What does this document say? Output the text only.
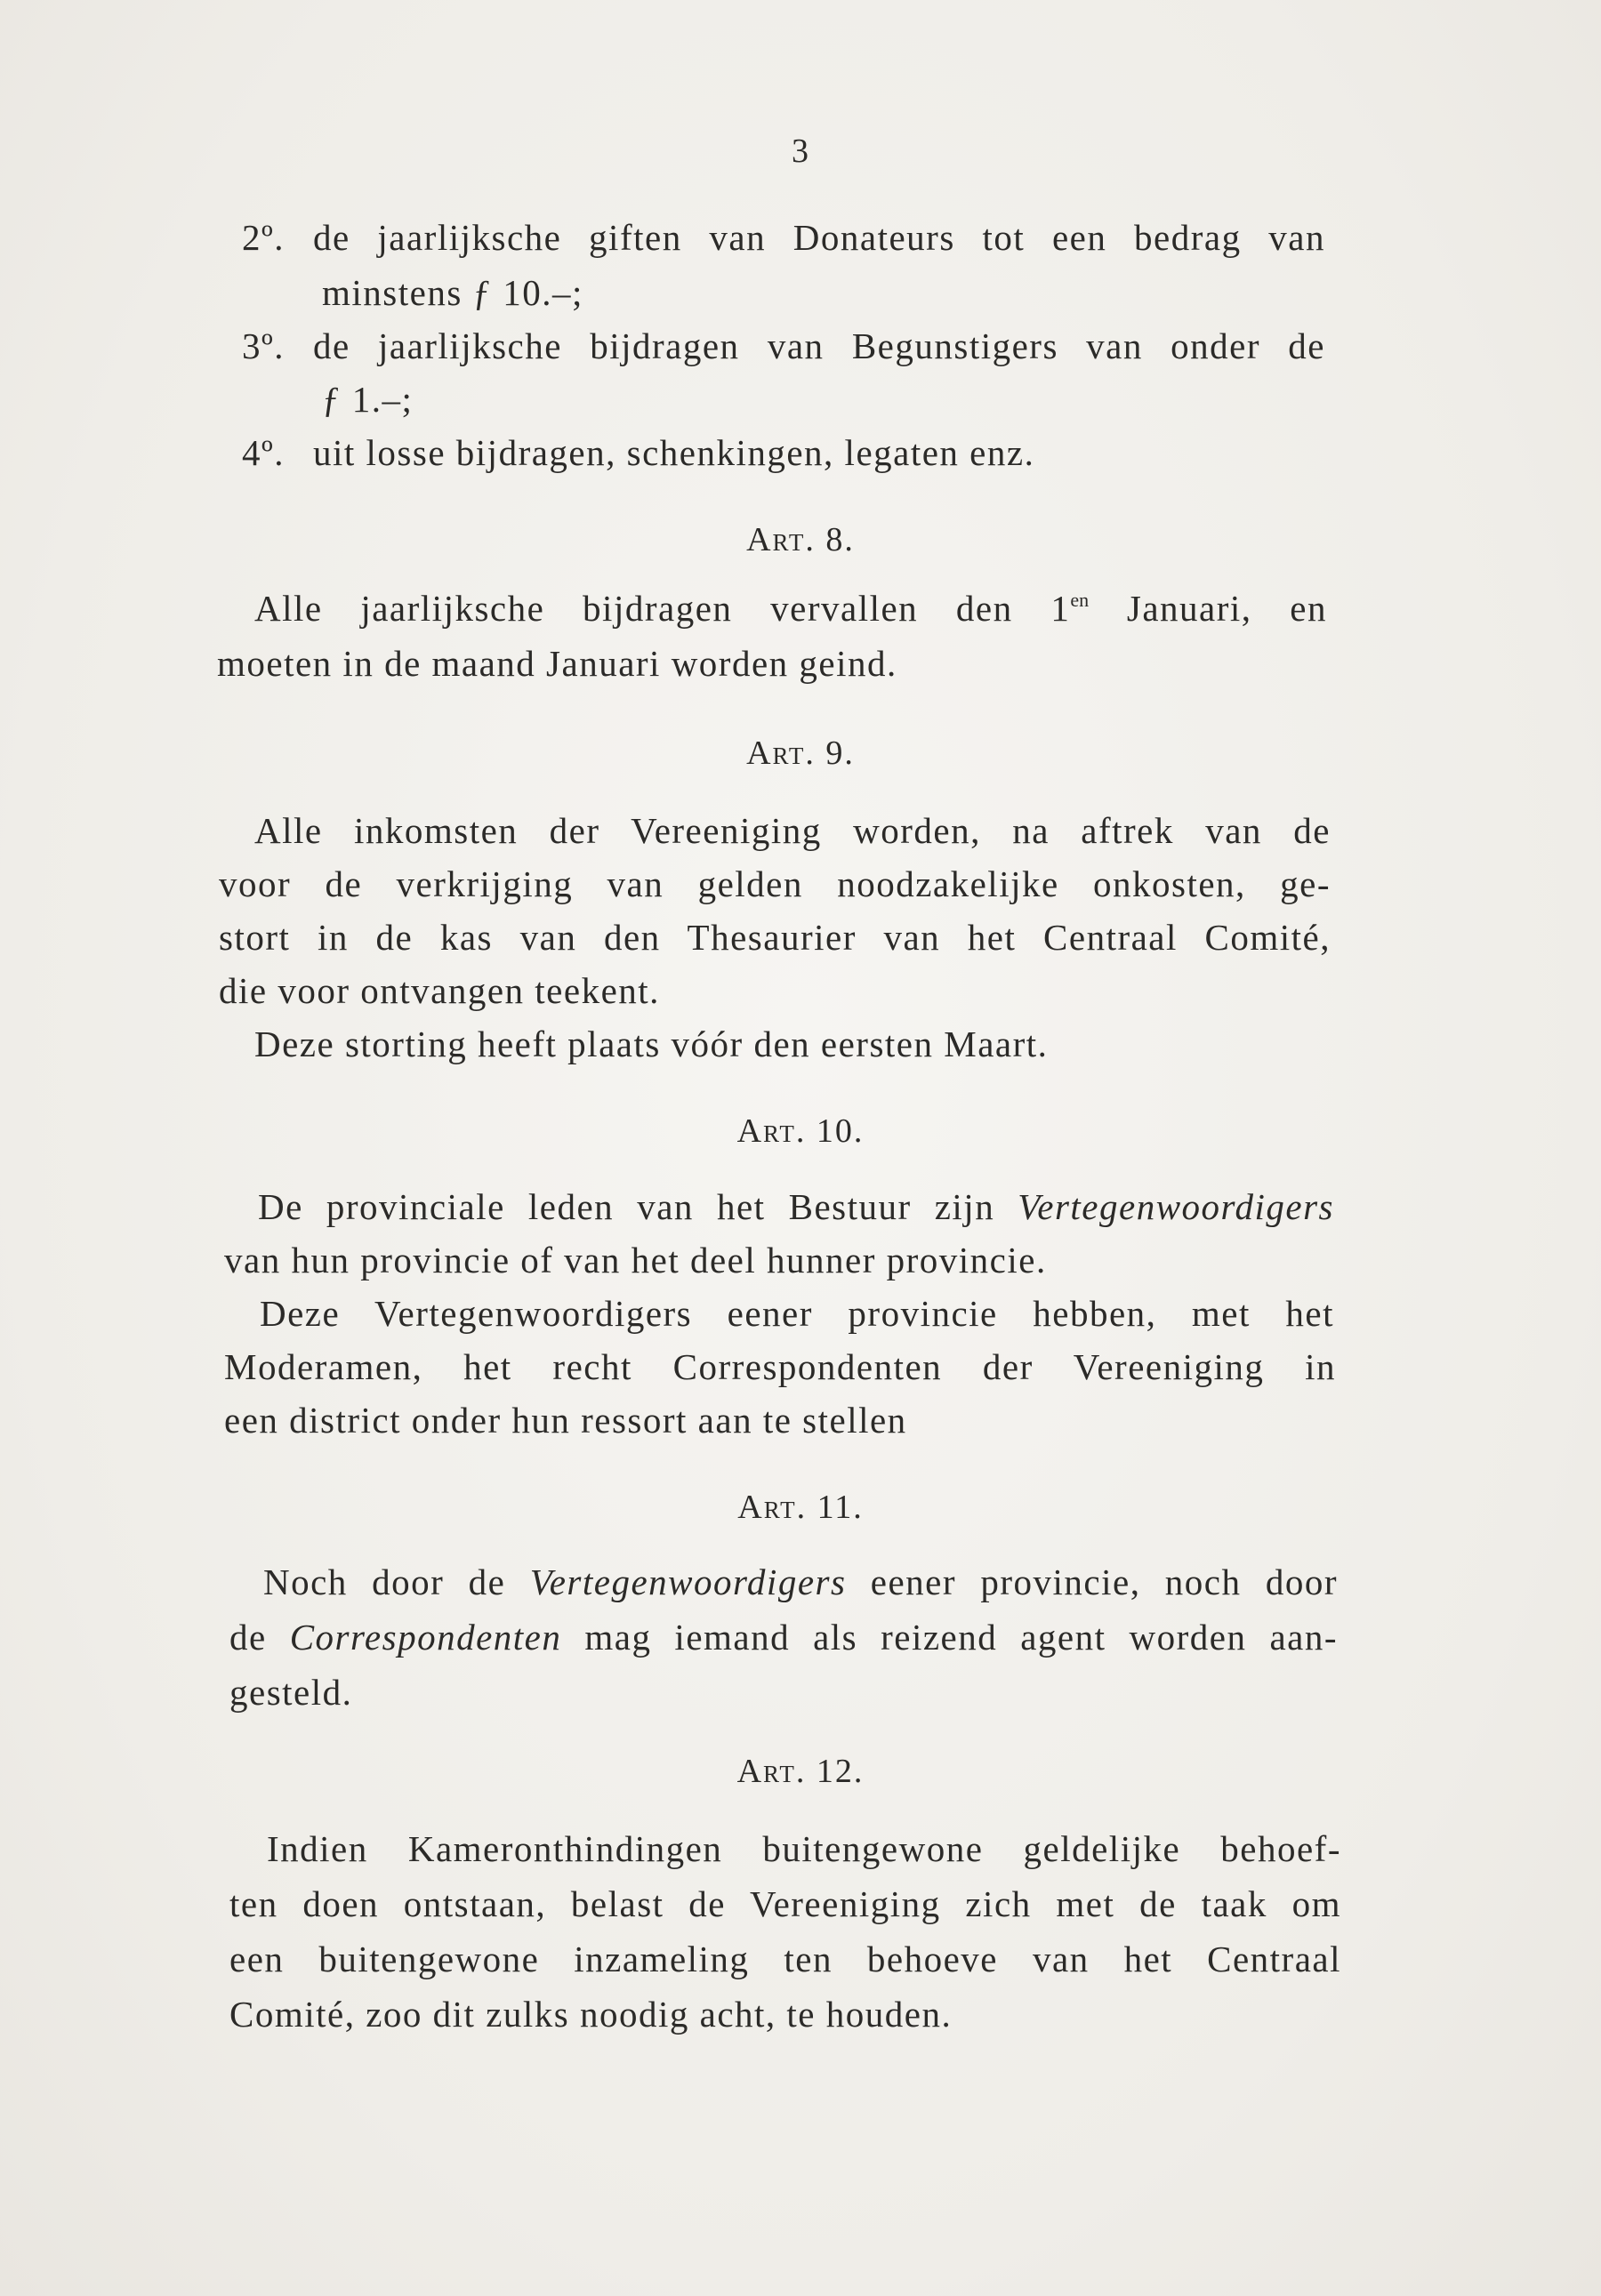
3
2º. de jaarlijksche giften van Donateurs tot een bedrag van
minstens ƒ 10.–;
3º. de jaarlijksche bijdragen van Begunstigers van onder de
ƒ 1.–;
4º. uit losse bijdragen, schenkingen, legaten enz.
Art. 8.
Alle jaarlijksche bijdragen vervallen den $1^{en}$ Januari, en
moeten in de maand Januari worden geind.
Art. 9.
Alle inkomsten der Vereeniging worden, na aftrek van de
voor de verkrijging van gelden noodzakelijke onkosten, ge-
stort in de kas van den Thesaurier van het Centraal Comité,
die voor ontvangen teekent.
Deze storting heeft plaats vóór den eersten Maart.
Art. 10.
De provinciale leden van het Bestuur zijn Vertegenwoordigers
van hun provincie of van het deel hunner provincie.
Deze Vertegenwoordigers eener provincie hebben, met het
Moderamen, het recht Correspondenten der Vereeniging in
een district onder hun ressort aan te stellen
Art. 11.
Noch door de Vertegenwoordigers eener provincie, noch door
de Correspondenten mag iemand als reizend agent worden aan-
gesteld.
Art. 12.
Indien Kameronthindingen buitengewone geldelijke behoef-
ten doen ontstaan, belast de Vereeniging zich met de taak om
een buitengewone inzameling ten behoeve van het Centraal
Comité, zoo dit zulks noodig acht, te houden.
